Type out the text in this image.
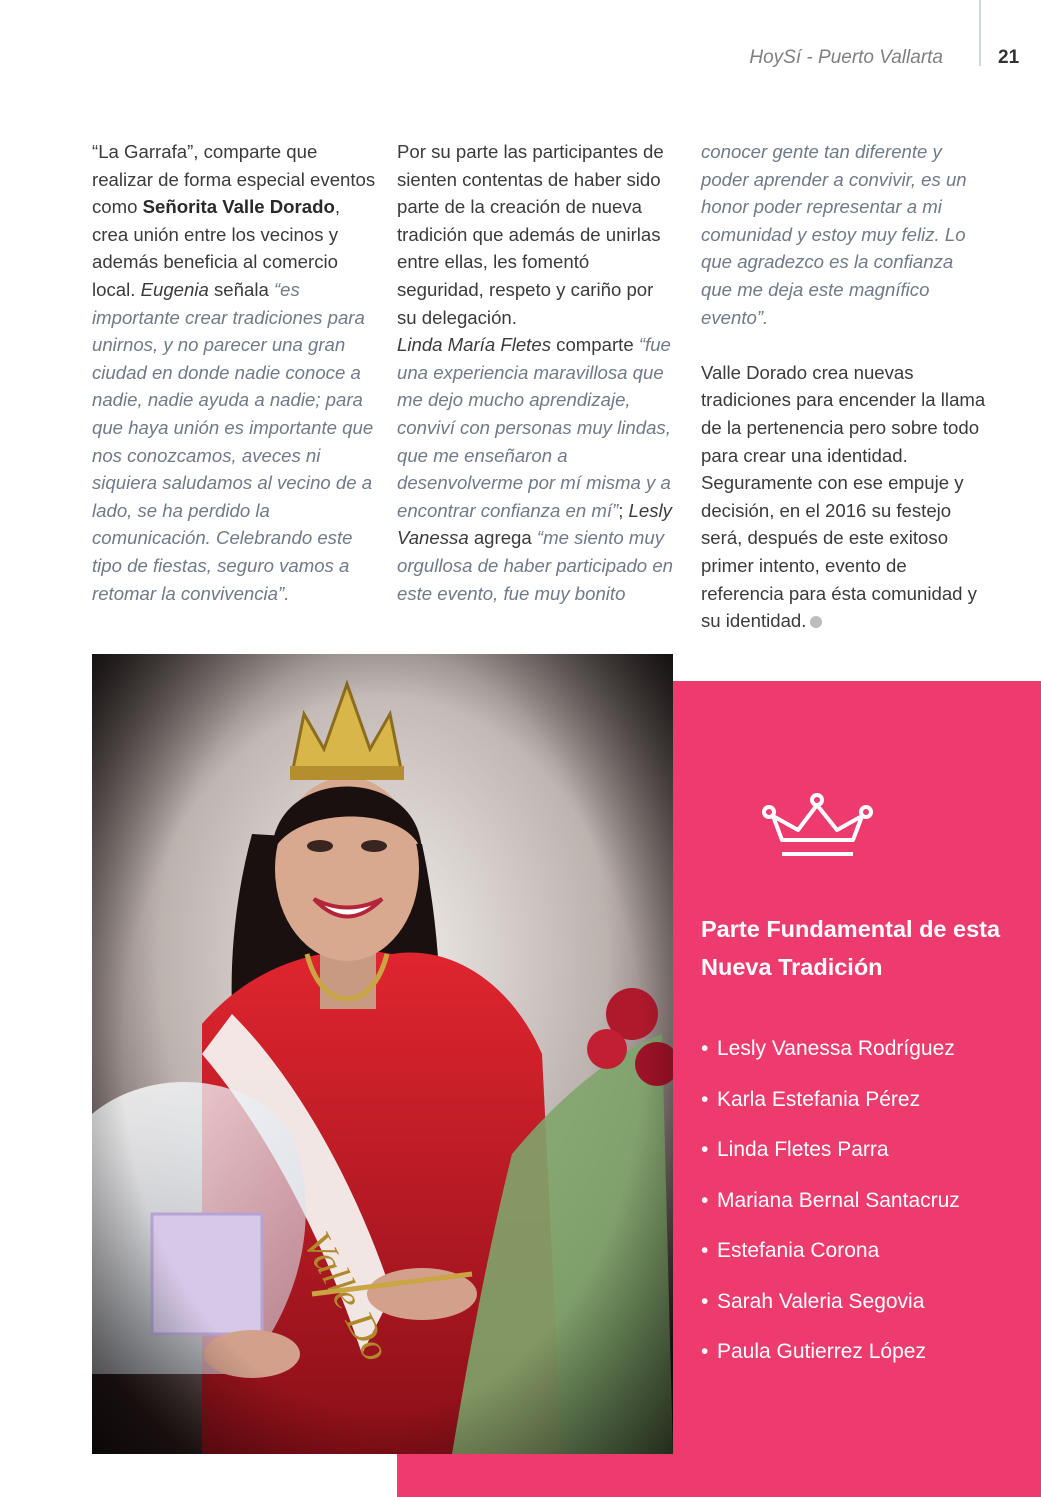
HoySí - Puerto Vallarta	21

“La Garrafa”, comparte que realizar de forma especial eventos como Señorita Valle Dorado, crea unión entre los vecinos y además beneficia al comercio local. Eugenia señala “es importante crear tradiciones para unirnos, y no parecer una gran ciudad en donde nadie conoce a nadie, nadie ayuda a nadie; para que haya unión es importante que nos conozcamos, aveces ni siquiera saludamos al vecino de a lado, se ha perdido la comunicación. Celebrando este tipo de fiestas, seguro vamos a retomar la convivencia”.

Por su parte las participantes de sienten contentas de haber sido parte de la creación de nueva tradición que además de unirlas entre ellas, les fomentó seguridad, respeto y cariño por su delegación.

Linda María Fletes comparte “fue una experiencia maravillosa que me dejo mucho aprendizaje, conviví con personas muy lindas, que me enseñaron a desenvolverme por mí misma y a encontrar confianza en mí”; Lesly Vanessa agrega “me siento muy orgullosa de haber participado en este evento, fue muy bonito

conocer gente tan diferente y poder aprender a convivir, es un honor poder representar a mi comunidad y estoy muy feliz. Lo que agradezco es la confianza que me deja este magnífico evento”.

Valle Dorado crea nuevas tradiciones para encender la llama de la pertenencia pero sobre todo para crear una identidad. Seguramente con ese empuje y decisión, en el 2016 su festejo será, después de este exitoso primer intento, evento de referencia para ésta comunidad y su identidad.

Parte Fundamental de esta Nueva Tradición
• Lesly Vanessa Rodríguez
• Karla Estefania Pérez
• Linda Fletes Parra
• Mariana Bernal Santacruz
• Estefania Corona
• Sarah Valeria Segovia
• Paula Gutierrez López
